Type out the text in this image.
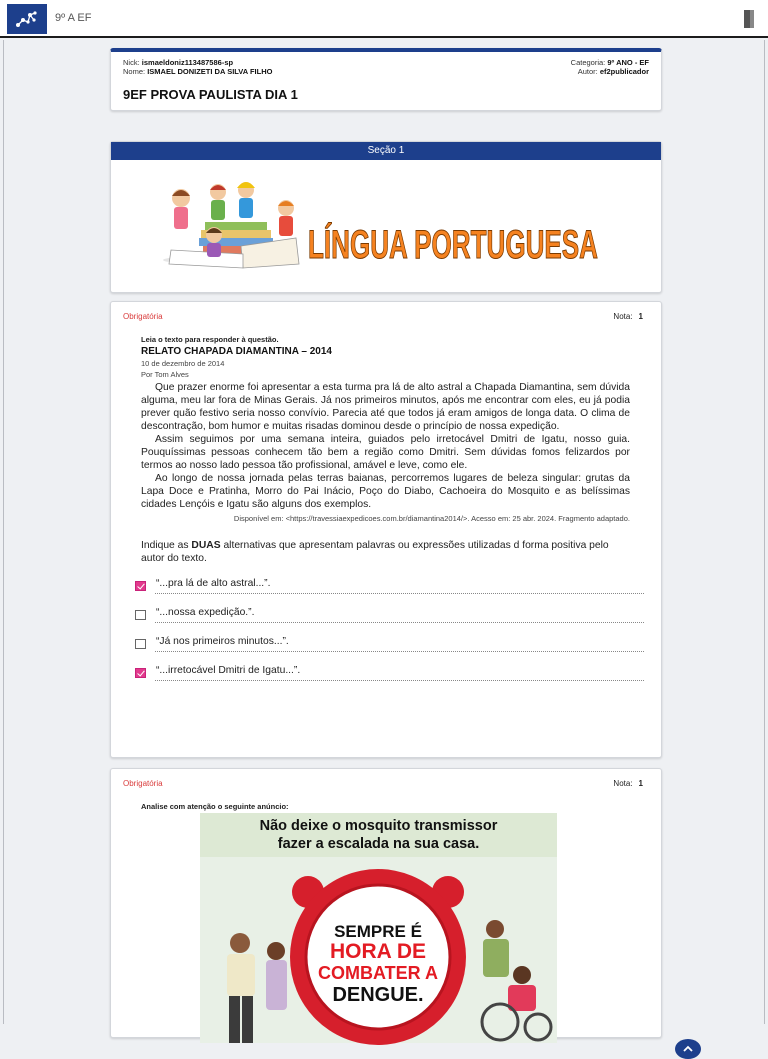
9º A EF
Nick: ismaeldoniz113487586-sp
Nome: ISMAEL DONIZETI DA SILVA FILHO
Categoria: 9º ANO - EF
Autor: ef2publicador
9EF PROVA PAULISTA DIA 1
Seção 1
LÍNGUA PORTUGUESA
Obrigatória	Nota: 1
Leia o texto para responder à questão.
RELATO CHAPADA DIAMANTINA – 2014
10 de dezembro de 2014
Por Tom Alves

Que prazer enorme foi apresentar a esta turma pra lá de alto astral a Chapada Diamantina, sem dúvida alguma, meu lar fora de Minas Gerais. Já nos primeiros minutos, após me encontrar com eles, eu já podia prever quão festivo seria nosso convívio. Parecia até que todos já eram amigos de longa data. O clima de descontração, bom humor e muitas risadas dominou desde o princípio de nossa expedição.

Assim seguimos por uma semana inteira, guiados pelo irretocável Dmitri de Igatu, nosso guia. Pouquíssimas pessoas conhecem tão bem a região como Dmitri. Sem dúvidas fomos felizardos por termos ao nosso lado pessoa tão profissional, amável e leve, como ele.

Ao longo de nossa jornada pelas terras baianas, percorremos lugares de beleza singular: grutas da Lapa Doce e Pratinha, Morro do Pai Inácio, Poço do Diabo, Cachoeira do Mosquito e as belíssimas cidades Lençóis e Igatu são alguns dos exemplos.

Disponível em: <https://travessiaexpedicoes.com.br/diamantina2014/>. Acesso em: 25 abr. 2024. Fragmento adaptado.

Indique as DUAS alternativas que apresentam palavras ou expressões utilizadas d forma positiva pelo autor do texto.

“...pra lá de alto astral...”.
“...nossa expedição.”.
“Já nos primeiros minutos...”.
“...irretocável Dmitri de Igatu...”.
Obrigatória	Nota: 1
Analise com atenção o seguinte anúncio:
Não deixe o mosquito transmissor
fazer a escalada na sua casa.
SEMPRE É
HORA DE
COMBATER A
DENGUE.
